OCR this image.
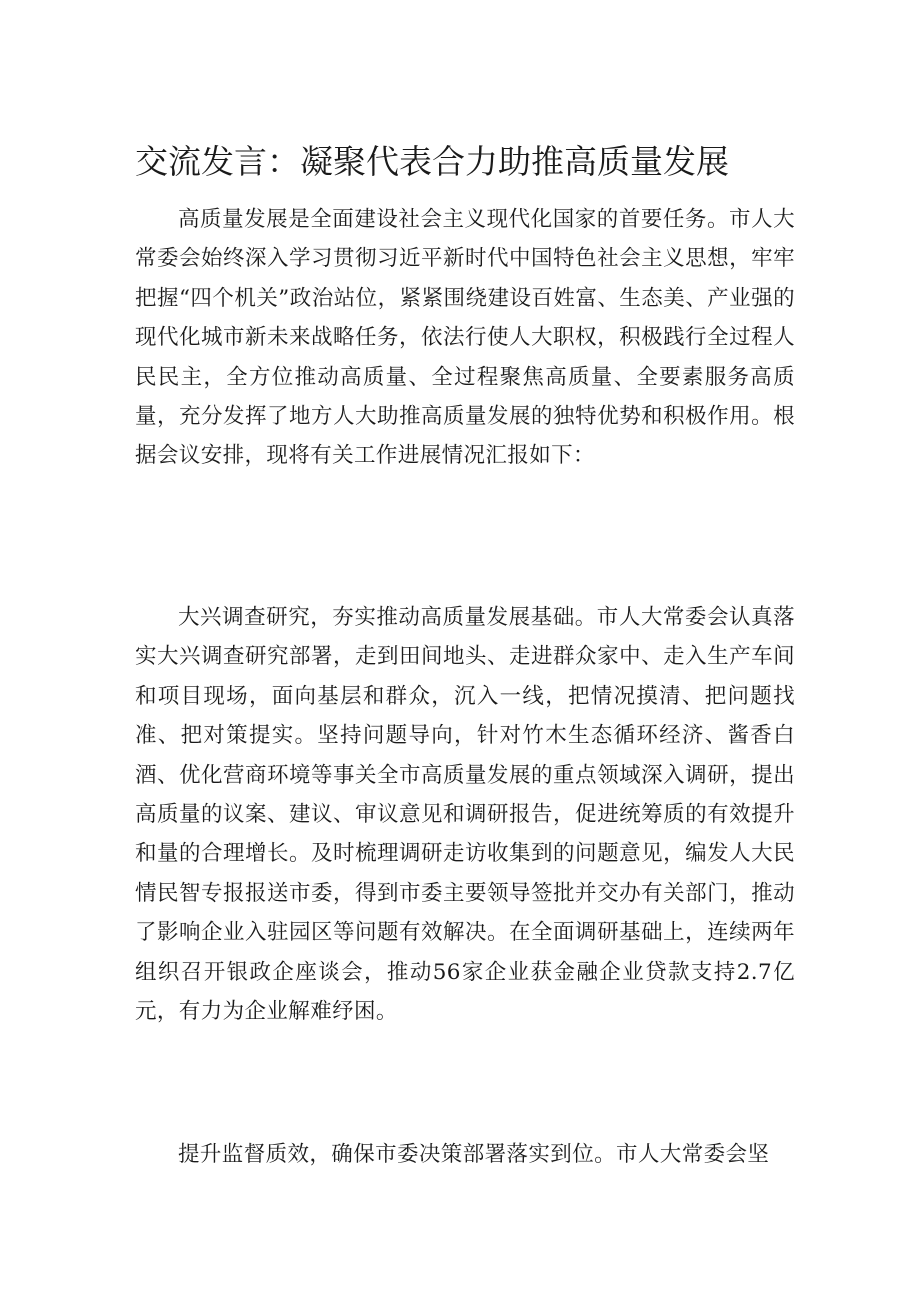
交流发言：凝聚代表合力助推高质量发展

高质量发展是全面建设社会主义现代化国家的首要任务。市人大常委会始终深入学习贯彻习近平新时代中国特色社会主义思想，牢牢把握“四个机关”政治站位，紧紧围绕建设百姓富、生态美、产业强的现代化城市新未来战略任务，依法行使人大职权，积极践行全过程人民民主，全方位推动高质量、全过程聚焦高质量、全要素服务高质量，充分发挥了地方人大助推高质量发展的独特优势和积极作用。根据会议安排，现将有关工作进展情况汇报如下：

大兴调查研究，夯实推动高质量发展基础。市人大常委会认真落实大兴调查研究部署，走到田间地头、走进群众家中、走入生产车间和项目现场，面向基层和群众，沉入一线，把情况摸清、把问题找准、把对策提实。坚持问题导向，针对竹木生态循环经济、酱香白酒、优化营商环境等事关全市高质量发展的重点领域深入调研，提出高质量的议案、建议、审议意见和调研报告，促进统筹质的有效提升和量的合理增长。及时梳理调研走访收集到的问题意见，编发人大民情民智专报报送市委，得到市委主要领导签批并交办有关部门，推动了影响企业入驻园区等问题有效解决。在全面调研基础上，连续两年组织召开银政企座谈会，推动56家企业获金融企业贷款支持2.7亿元，有力为企业解难纾困。

提升监督质效，确保市委决策部署落实到位。市人大常委会坚
